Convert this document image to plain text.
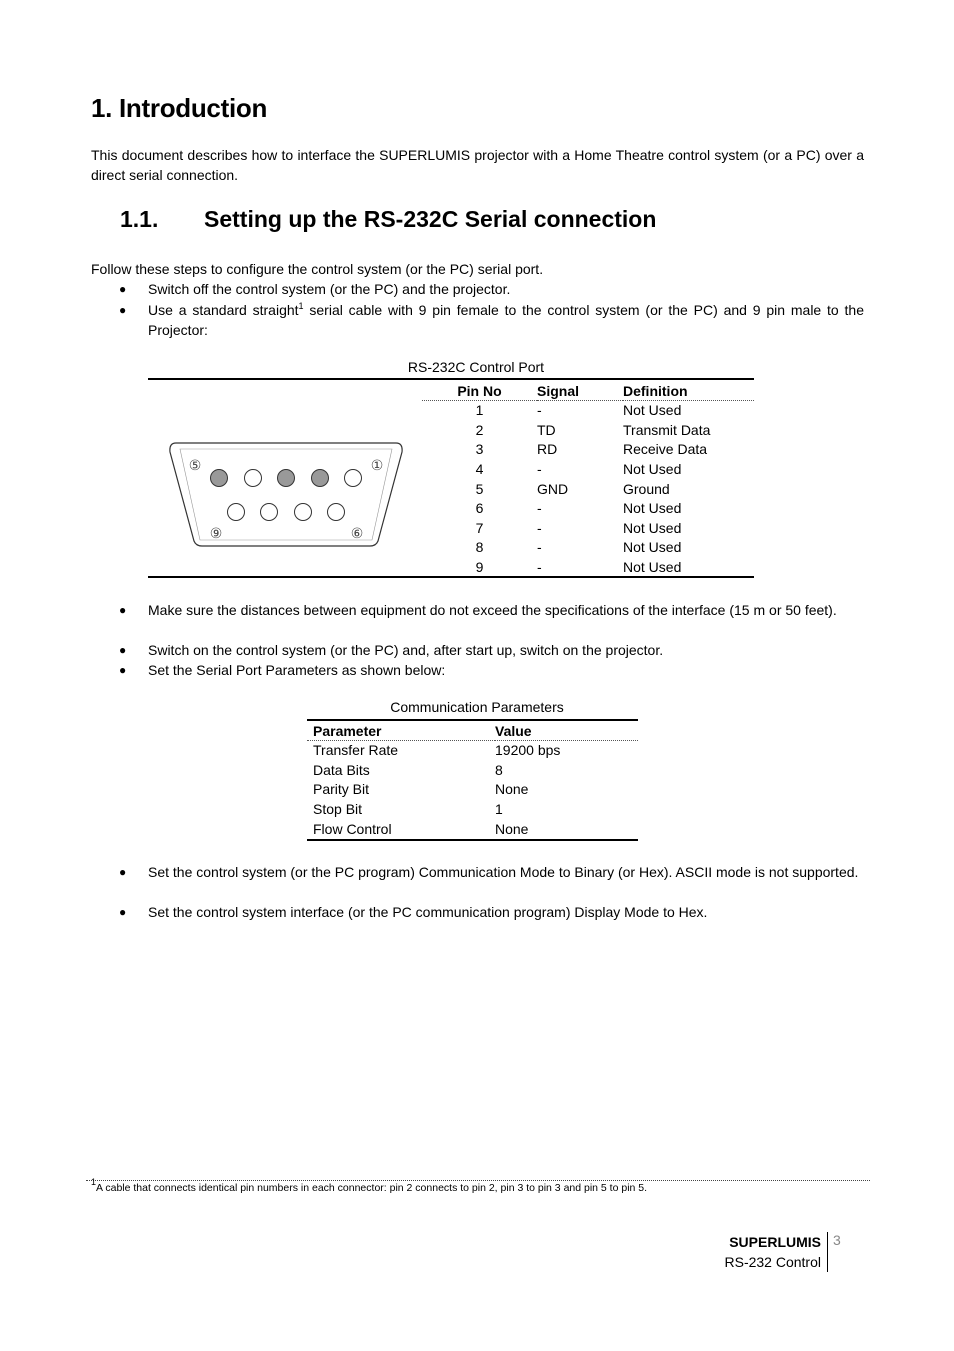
1. Introduction

This document describes how to interface the SUPERLUMIS projector with a Home Theatre control system (or a PC) over a direct serial connection.

1.1. Setting up the RS-232C Serial connection

Follow these steps to configure the control system (or the PC) serial port.

● Switch off the control system (or the PC) and the projector.
● Use a standard straight$^1$ serial cable with 9 pin female to the control system (or the PC) and 9 pin male to the Projector:
RS-232C Control Port
Pin No	Signal	Definition
1	-	Not Used
2	TD	Transmit Data
3	RD	Receive Data
4	-	Not Used
5	GND	Ground
6	-	Not Used
7	-	Not Used
8	-	Not Used
9	-	Not Used
⑤	①
⑨	⑥
● Make sure the distances between equipment do not exceed the specifications of the interface (15 m or 50 feet).
● Switch on the control system (or the PC) and, after start up, switch on the projector.
● Set the Serial Port Parameters as shown below:
Communication Parameters
Parameter	Value
Transfer Rate	19200 bps
Data Bits	8
Parity Bit	None
Stop Bit	1
Flow Control	None
● Set the control system (or the PC program) Communication Mode to Binary (or Hex). ASCII mode is not supported.
● Set the control system interface (or the PC communication program) Display Mode to Hex.
$^1$A cable that connects identical pin numbers in each connector: pin 2 connects to pin 2, pin 3 to pin 3 and pin 5 to pin 5.
SUPERLUMIS
RS-232 Control
3
